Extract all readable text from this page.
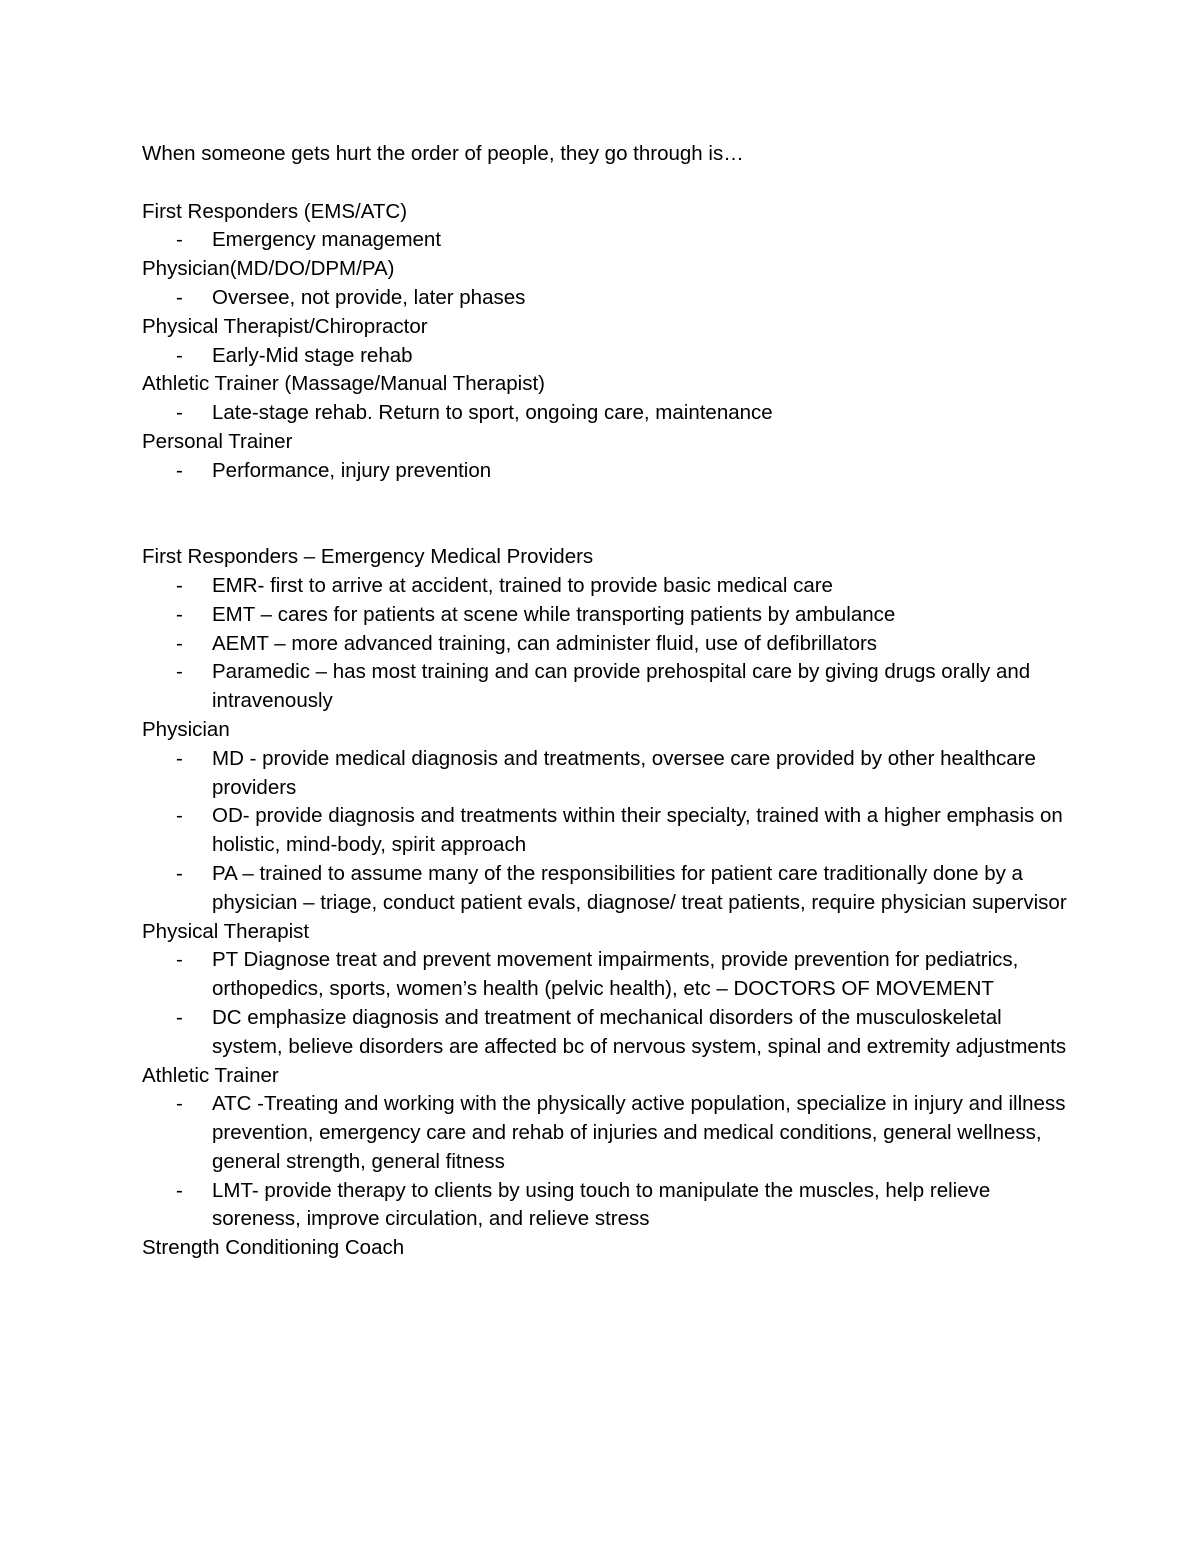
When someone gets hurt the order of people, they go through is…

First Responders (EMS/ATC)

- Emergency management

Physician(MD/DO/DPM/PA)

- Oversee, not provide, later phases

Physical Therapist/Chiropractor

- Early-Mid stage rehab

Athletic Trainer (Massage/Manual Therapist)

- Late-stage rehab. Return to sport, ongoing care, maintenance

Personal Trainer

- Performance, injury prevention

First Responders – Emergency Medical Providers

- EMR- first to arrive at accident, trained to provide basic medical care
- EMT – cares for patients at scene while transporting patients by ambulance
- AEMT – more advanced training, can administer fluid, use of defibrillators
- Paramedic – has most training and can provide prehospital care by giving drugs orally and intravenously

Physician

- MD - provide medical diagnosis and treatments, oversee care provided by other healthcare providers
- OD- provide diagnosis and treatments within their specialty, trained with a higher emphasis on holistic, mind-body, spirit approach
- PA – trained to assume many of the responsibilities for patient care traditionally done by a physician – triage, conduct patient evals, diagnose/ treat patients, require physician supervisor

Physical Therapist

- PT Diagnose treat and prevent movement impairments, provide prevention for pediatrics, orthopedics, sports, women’s health (pelvic health), etc – DOCTORS OF MOVEMENT
- DC emphasize diagnosis and treatment of mechanical disorders of the musculoskeletal system, believe disorders are affected bc of nervous system, spinal and extremity adjustments

Athletic Trainer

- ATC -Treating and working with the physically active population, specialize in injury and illness prevention, emergency care and rehab of injuries and medical conditions, general wellness, general strength, general fitness
- LMT- provide therapy to clients by using touch to manipulate the muscles, help relieve soreness, improve circulation, and relieve stress

Strength Conditioning Coach
